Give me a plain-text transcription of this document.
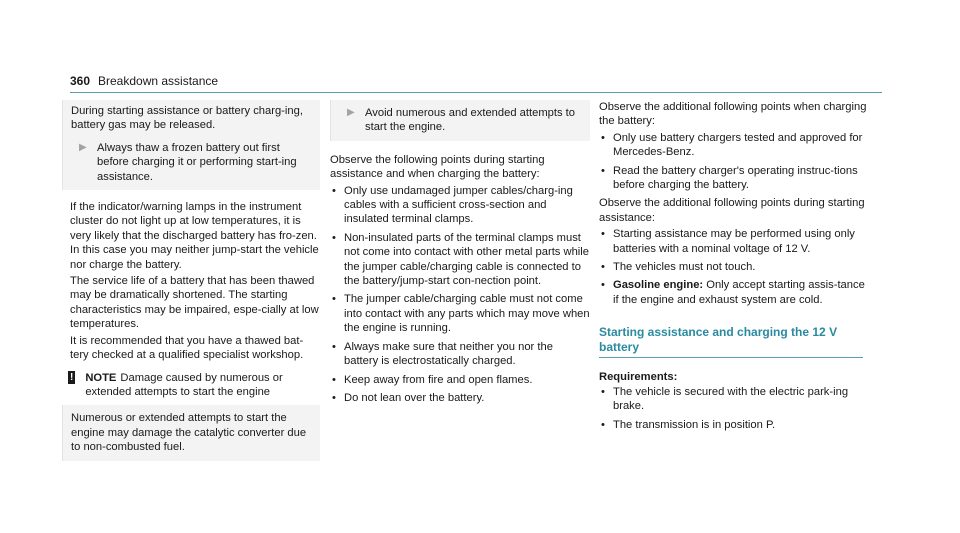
360 Breakdown assistance
During starting assistance or battery charg-ing, battery gas may be released.
▶ Always thaw a frozen battery out first before charging it or performing start-ing assistance.
If the indicator/warning lamps in the instrument cluster do not light up at low temperatures, it is very likely that the discharged battery has fro-zen. In this case you may neither jump-start the vehicle nor charge the battery.
The service life of a battery that has been thawed may be dramatically shortened. The starting characteristics may be impaired, espe-cially at low temperatures.
It is recommended that you have a thawed bat-tery checked at a qualified specialist workshop.
! NOTE Damage caused by numerous or extended attempts to start the engine
Numerous or extended attempts to start the engine may damage the catalytic converter due to non-combusted fuel.
▶ Avoid numerous and extended attempts to start the engine.
Observe the following points during starting assistance and when charging the battery:
• Only use undamaged jumper cables/charg-ing cables with a sufficient cross-section and insulated terminal clamps.
• Non-insulated parts of the terminal clamps must not come into contact with other metal parts while the jumper cable/charging cable is connected to the battery/jump-start con-nection point.
• The jumper cable/charging cable must not come into contact with any parts which may move when the engine is running.
• Always make sure that neither you nor the battery is electrostatically charged.
• Keep away from fire and open flames.
• Do not lean over the battery.
Observe the additional following points when charging the battery:
• Only use battery chargers tested and approved for Mercedes-Benz.
• Read the battery charger's operating instruc-tions before charging the battery.
Observe the additional following points during starting assistance:
• Starting assistance may be performed using only batteries with a nominal voltage of 12 V.
• The vehicles must not touch.
• Gasoline engine: Only accept starting assis-tance if the engine and exhaust system are cold.
Starting assistance and charging the 12 V battery
Requirements:
• The vehicle is secured with the electric park-ing brake.
• The transmission is in position P.
